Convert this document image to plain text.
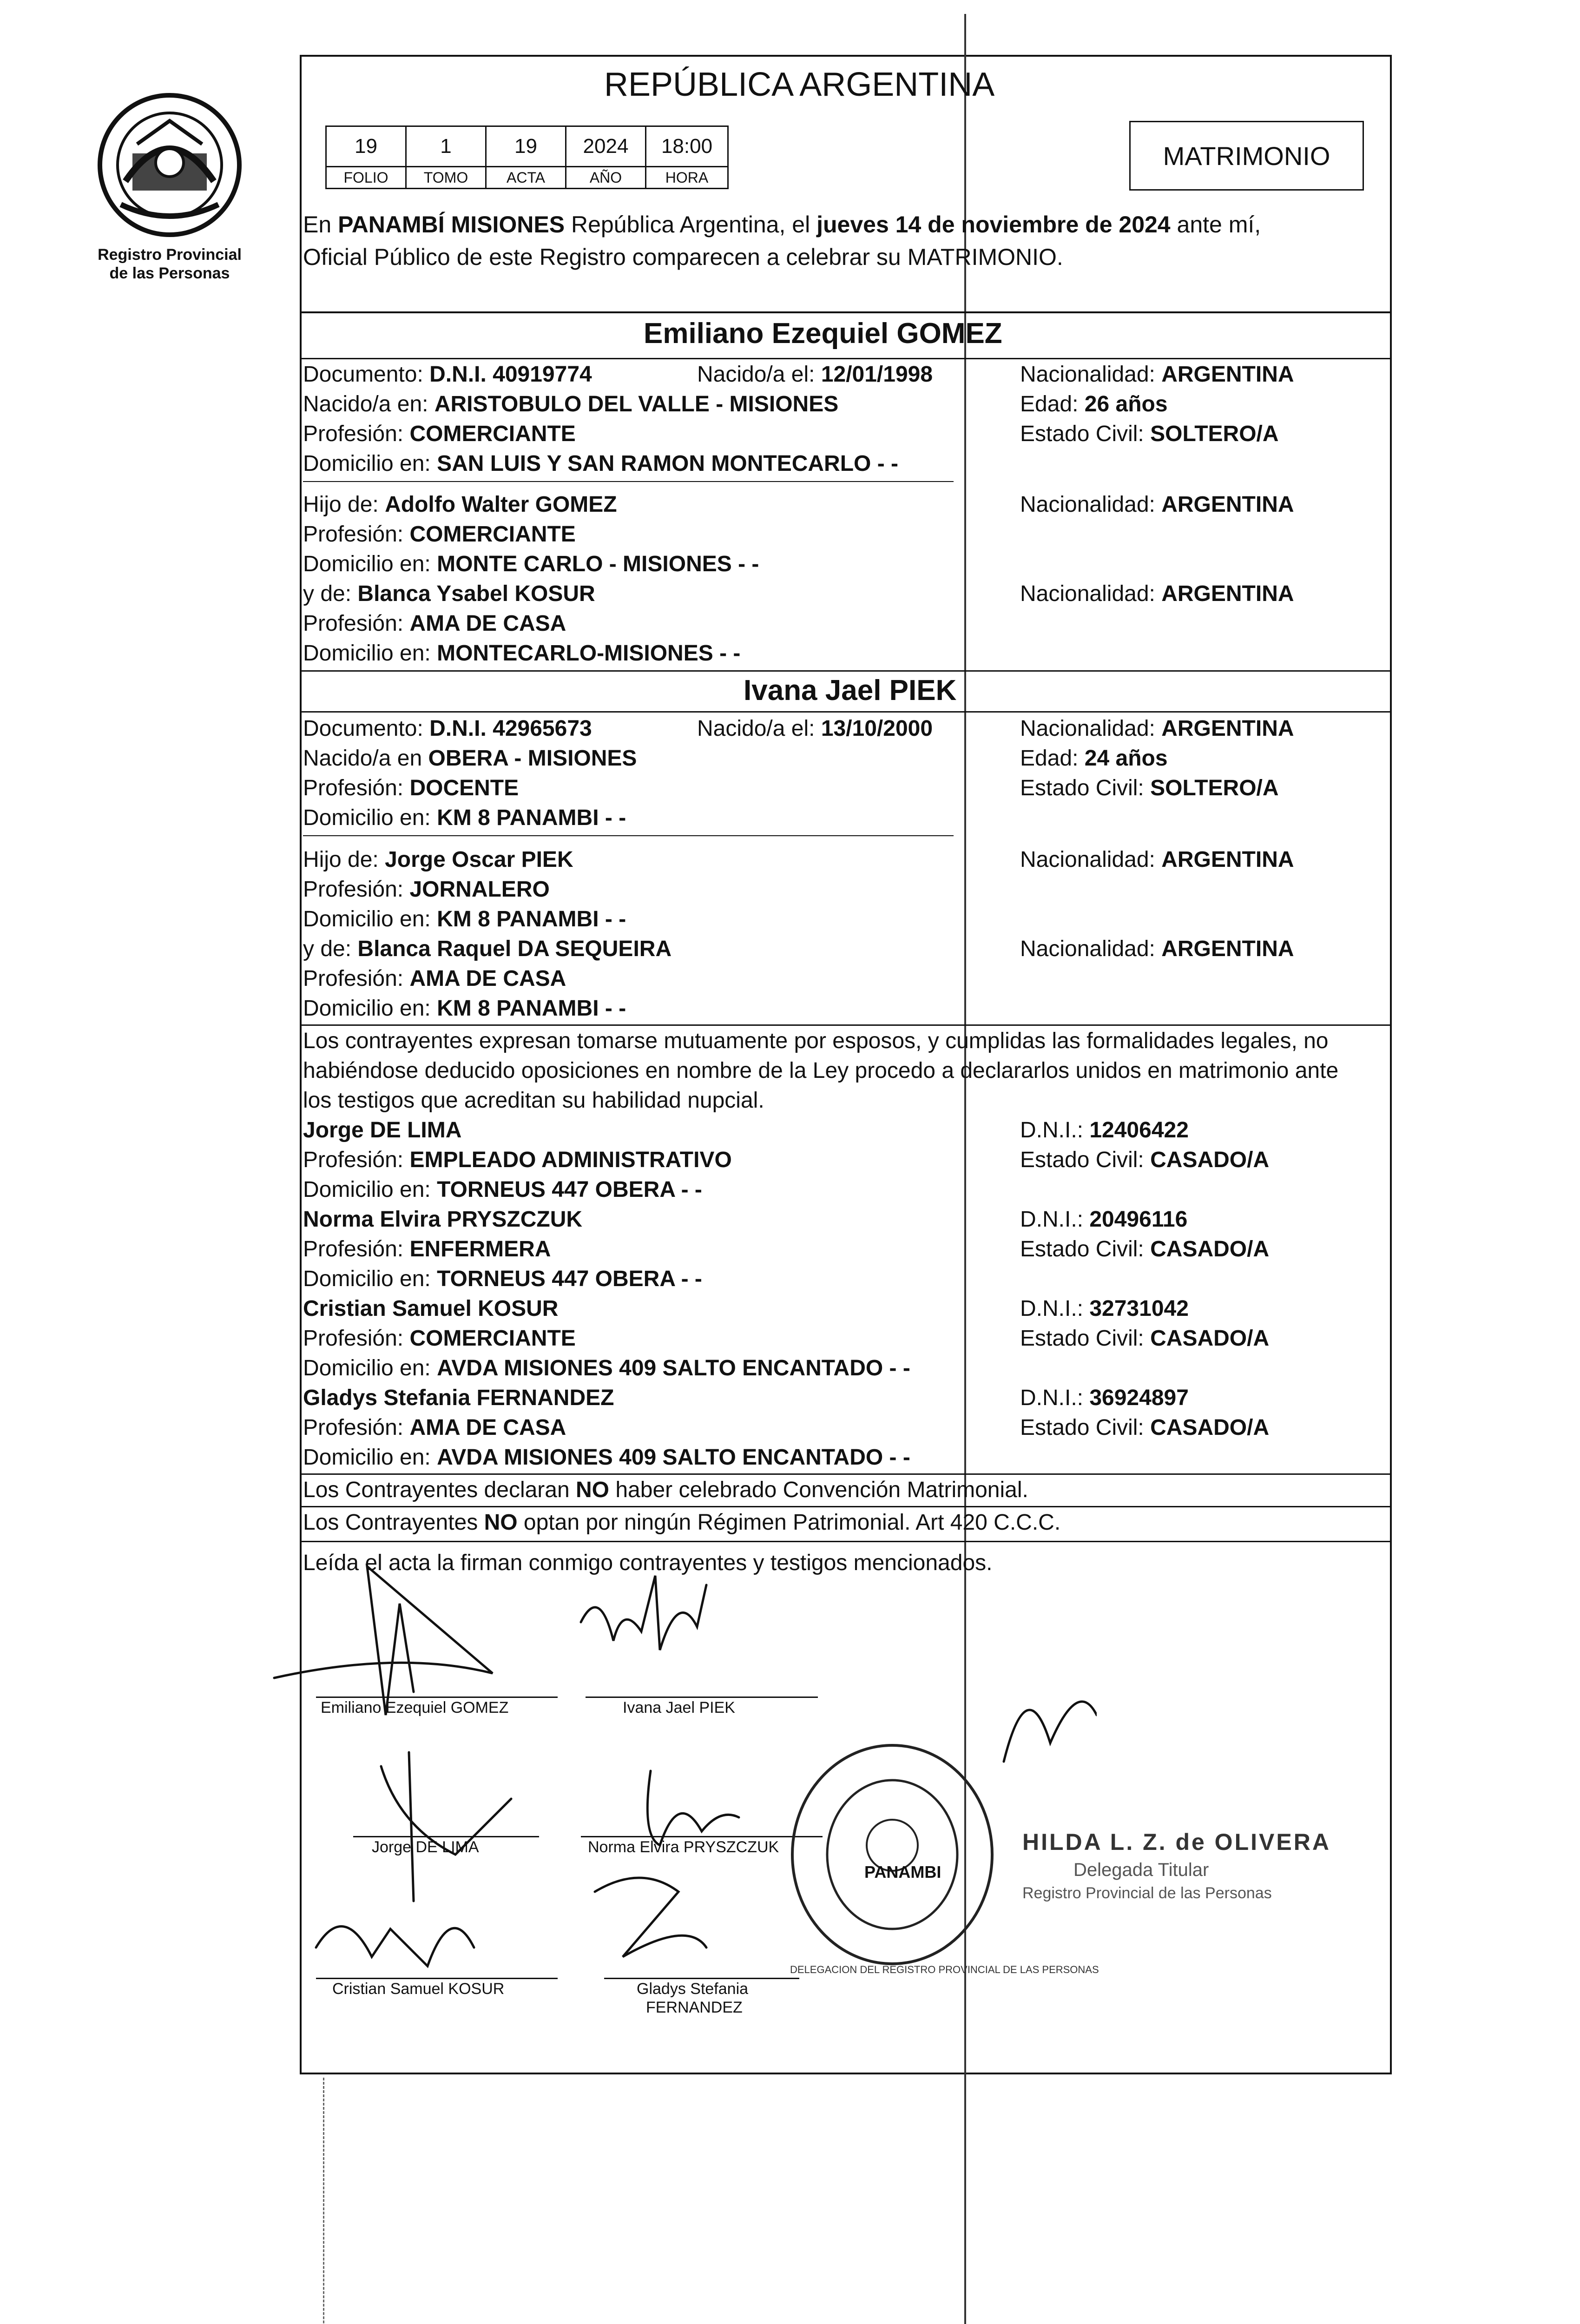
Registro Provincial
de las Personas
REPÚBLICA ARGENTINA
19	1	19	2024	18:00
FOLIO	TOMO	ACTA	AÑO	HORA
MATRIMONIO
En PANAMBÍ MISIONES República Argentina, el jueves 14 de noviembre de 2024 ante mí,
Oficial Público de este Registro comparecen a celebrar su MATRIMONIO.
Emiliano Ezequiel GOMEZ
Documento: D.N.I. 40919774	Nacido/a el: 12/01/1998	Nacionalidad: ARGENTINA
Nacido/a en: ARISTOBULO DEL VALLE - MISIONES	Edad: 26 años
Profesión: COMERCIANTE	Estado Civil: SOLTERO/A
Domicilio en: SAN LUIS Y SAN RAMON MONTECARLO - -
Hijo de: Adolfo Walter GOMEZ	Nacionalidad: ARGENTINA
Profesión: COMERCIANTE
Domicilio en: MONTE CARLO - MISIONES - -
y de: Blanca Ysabel KOSUR	Nacionalidad: ARGENTINA
Profesión: AMA DE CASA
Domicilio en: MONTECARLO-MISIONES - -
Ivana Jael PIEK
Documento: D.N.I. 42965673	Nacido/a el: 13/10/2000	Nacionalidad: ARGENTINA
Nacido/a en OBERA - MISIONES	Edad: 24 años
Profesión: DOCENTE	Estado Civil: SOLTERO/A
Domicilio en: KM 8 PANAMBI - -
Hijo de: Jorge Oscar PIEK	Nacionalidad: ARGENTINA
Profesión: JORNALERO
Domicilio en: KM 8 PANAMBI - -
y de: Blanca Raquel DA SEQUEIRA	Nacionalidad: ARGENTINA
Profesión: AMA DE CASA
Domicilio en: KM 8 PANAMBI - -
Los contrayentes expresan tomarse mutuamente por esposos, y cumplidas las formalidades legales, no
habiéndose deducido oposiciones en nombre de la Ley procedo a declararlos unidos en matrimonio ante
los testigos que acreditan su habilidad nupcial.
Jorge DE LIMA	D.N.I.: 12406422
Profesión: EMPLEADO ADMINISTRATIVO	Estado Civil: CASADO/A
Domicilio en: TORNEUS 447 OBERA - -
Norma Elvira PRYSZCZUK	D.N.I.: 20496116
Profesión: ENFERMERA	Estado Civil: CASADO/A
Domicilio en: TORNEUS 447 OBERA - -
Cristian Samuel KOSUR	D.N.I.: 32731042
Profesión: COMERCIANTE	Estado Civil: CASADO/A
Domicilio en: AVDA MISIONES 409 SALTO ENCANTADO - -
Gladys Stefania FERNANDEZ	D.N.I.: 36924897
Profesión: AMA DE CASA	Estado Civil: CASADO/A
Domicilio en: AVDA MISIONES 409 SALTO ENCANTADO - -
Los Contrayentes declaran NO haber celebrado Convención Matrimonial.
Los Contrayentes NO optan por ningún Régimen Patrimonial. Art 420 C.C.C.
Leída el acta la firman conmigo contrayentes y testigos mencionados.
Emiliano Ezequiel GOMEZ	Ivana Jael PIEK
Jorge DE LIMA	Norma Elvira PRYSZCZUK
Cristian Samuel KOSUR	Gladys Stefania
FERNANDEZ
PANAMBI
DELEGACION DEL REGISTRO PROVINCIAL DE LAS PERSONAS
HILDA L. Z. de OLIVERA
Delegada Titular
Registro Provincial de las Personas
